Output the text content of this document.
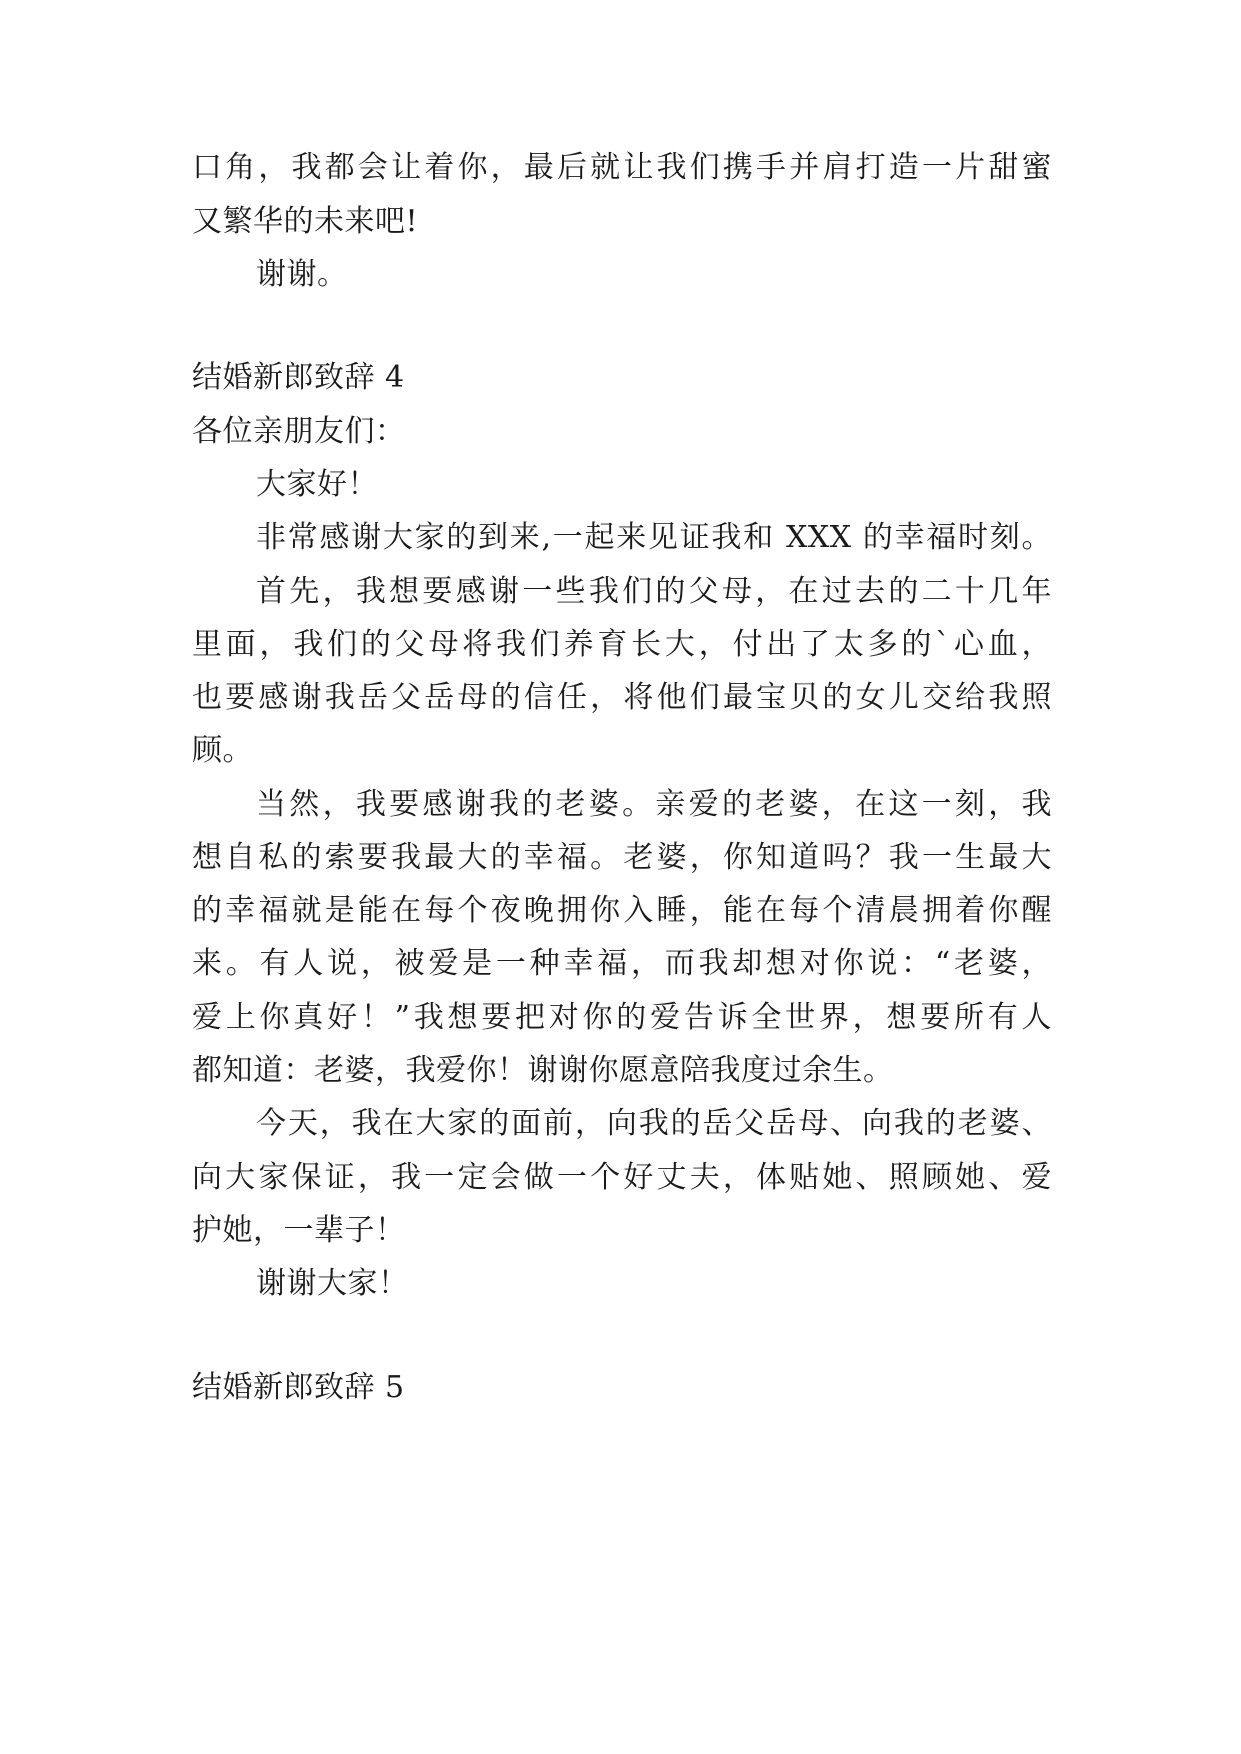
口角，我都会让着你，最后就让我们携手并肩打造一片甜蜜
又繁华的未来吧!
谢谢。
结婚新郎致辞 4
各位亲朋友们：
大家好！
非常感谢大家的到来,一起来见证我和 XXX 的幸福时刻。
首先，我想要感谢一些我们的父母，在过去的二十几年
里面，我们的父母将我们养育长大，付出了太多的`心血，
也要感谢我岳父岳母的信任，将他们最宝贝的女儿交给我照
顾。
当然，我要感谢我的老婆。亲爱的老婆，在这一刻，我
想自私的索要我最大的幸福。老婆，你知道吗？我一生最大
的幸福就是能在每个夜晚拥你入睡，能在每个清晨拥着你醒
来。有人说，被爱是一种幸福，而我却想对你说：“老婆，
爱上你真好！”我想要把对你的爱告诉全世界，想要所有人
都知道：老婆，我爱你！谢谢你愿意陪我度过余生。
今天，我在大家的面前，向我的岳父岳母、向我的老婆、
向大家保证，我一定会做一个好丈夫，体贴她、照顾她、爱
护她，一辈子！
谢谢大家！
结婚新郎致辞 5
